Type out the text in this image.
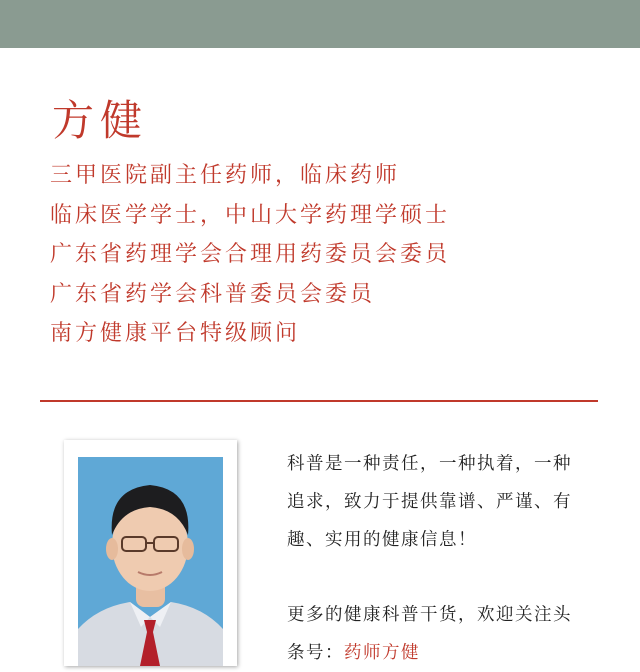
方健
三甲医院副主任药师，临床药师
临床医学学士，中山大学药理学硕士
广东省药理学会合理用药委员会委员
广东省药学会科普委员会委员
南方健康平台特级顾问

科普是一种责任，一种执着，一种

追求，致力于提供靠谱、严谨、有

趣、实用的健康信息！

更多的健康科普干货，欢迎关注头

条号：药师方健
